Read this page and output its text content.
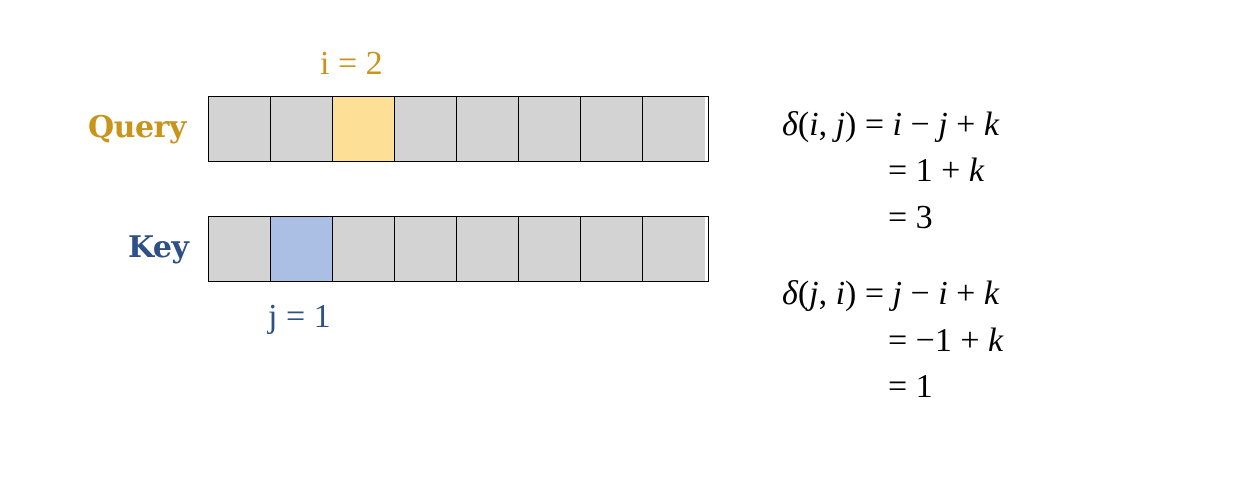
i = 2
Query
Key
j = 1
δ(i, j) = i − j + k
= 1 + k
= 3
δ(j, i) = j − i + k
= −1 + k
= 1
